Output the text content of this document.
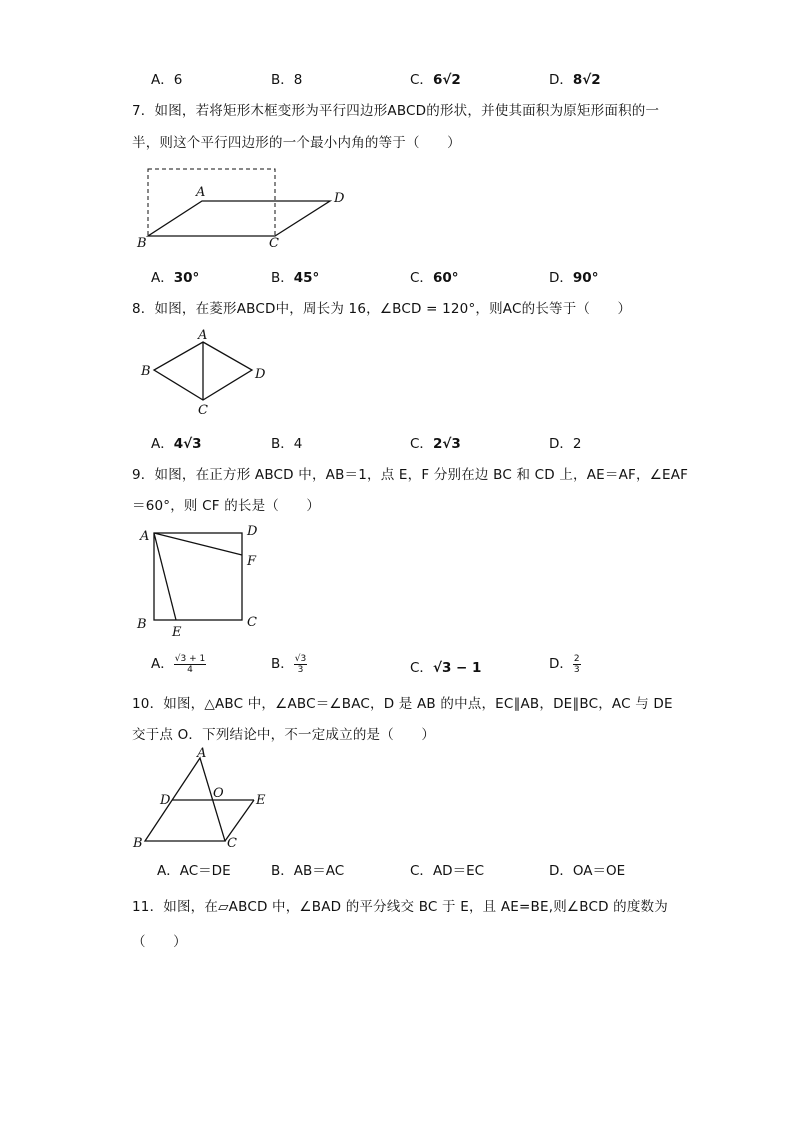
A．6	B．8	C．6√2	D．8√2
7．如图，若将矩形木框变形为平行四边形ABCD的形状，并使其面积为原矩形面积的一
半，则这个平行四边形的一个最小内角的等于（　　）
A
B	C
D
A．30°	B．45°	C．60°	D．90°
8．如图，在菱形ABCD中，周长为 16，∠BCD = 120°，则AC的长等于（　　）
A
B
C
D
A．4√3	B．4	C．2√3	D．2
9．如图，在正方形 ABCD 中，AB＝1，点 E，F 分别在边 BC 和 CD 上，AE＝AF，∠EAF
＝60°，则 CF 的长是（　　）
A	D
F
B	C
E
A． $\frac{√3 + 1}{4}$	B． $\frac{√3}{3}$	C．√3 − 1	D． $\frac{2}{3}$
10．如图，△ABC 中，∠ABC＝∠BAC，D 是 AB 的中点，EC∥AB，DE∥BC，AC 与 DE
交于点 O．下列结论中，不一定成立的是（　　）
A
D	O E
B	C
A．AC＝DE	B．AB＝AC	C．AD＝EC	D．OA＝OE
11．如图，在▱ABCD 中，∠BAD 的平分线交 BC 于 E，且 AE=BE,则∠BCD 的度数为
（　　）
